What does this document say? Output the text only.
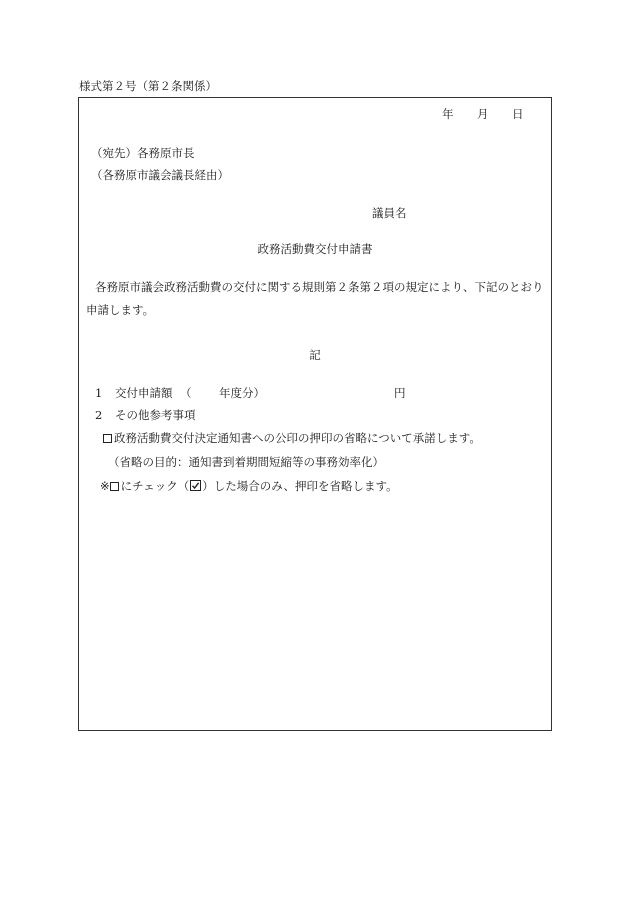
様式第２号（第２条関係）
年 月 日
（宛先）各務原市長
（各務原市議会議長経由）
議員名
政務活動費交付申請書
各務原市議会政務活動費の交付に関する規則第２条第２項の規定により、下記のとおり
申請します。
記
1 交付申請額 （ 年度分）	円
2 その他参考事項
政務活動費交付決定通知書への公印の押印の省略について承諾します。
（省略の目的：通知書到着期間短縮等の事務効率化）
※ にチェック（ ）した場合のみ、押印を省略します。
